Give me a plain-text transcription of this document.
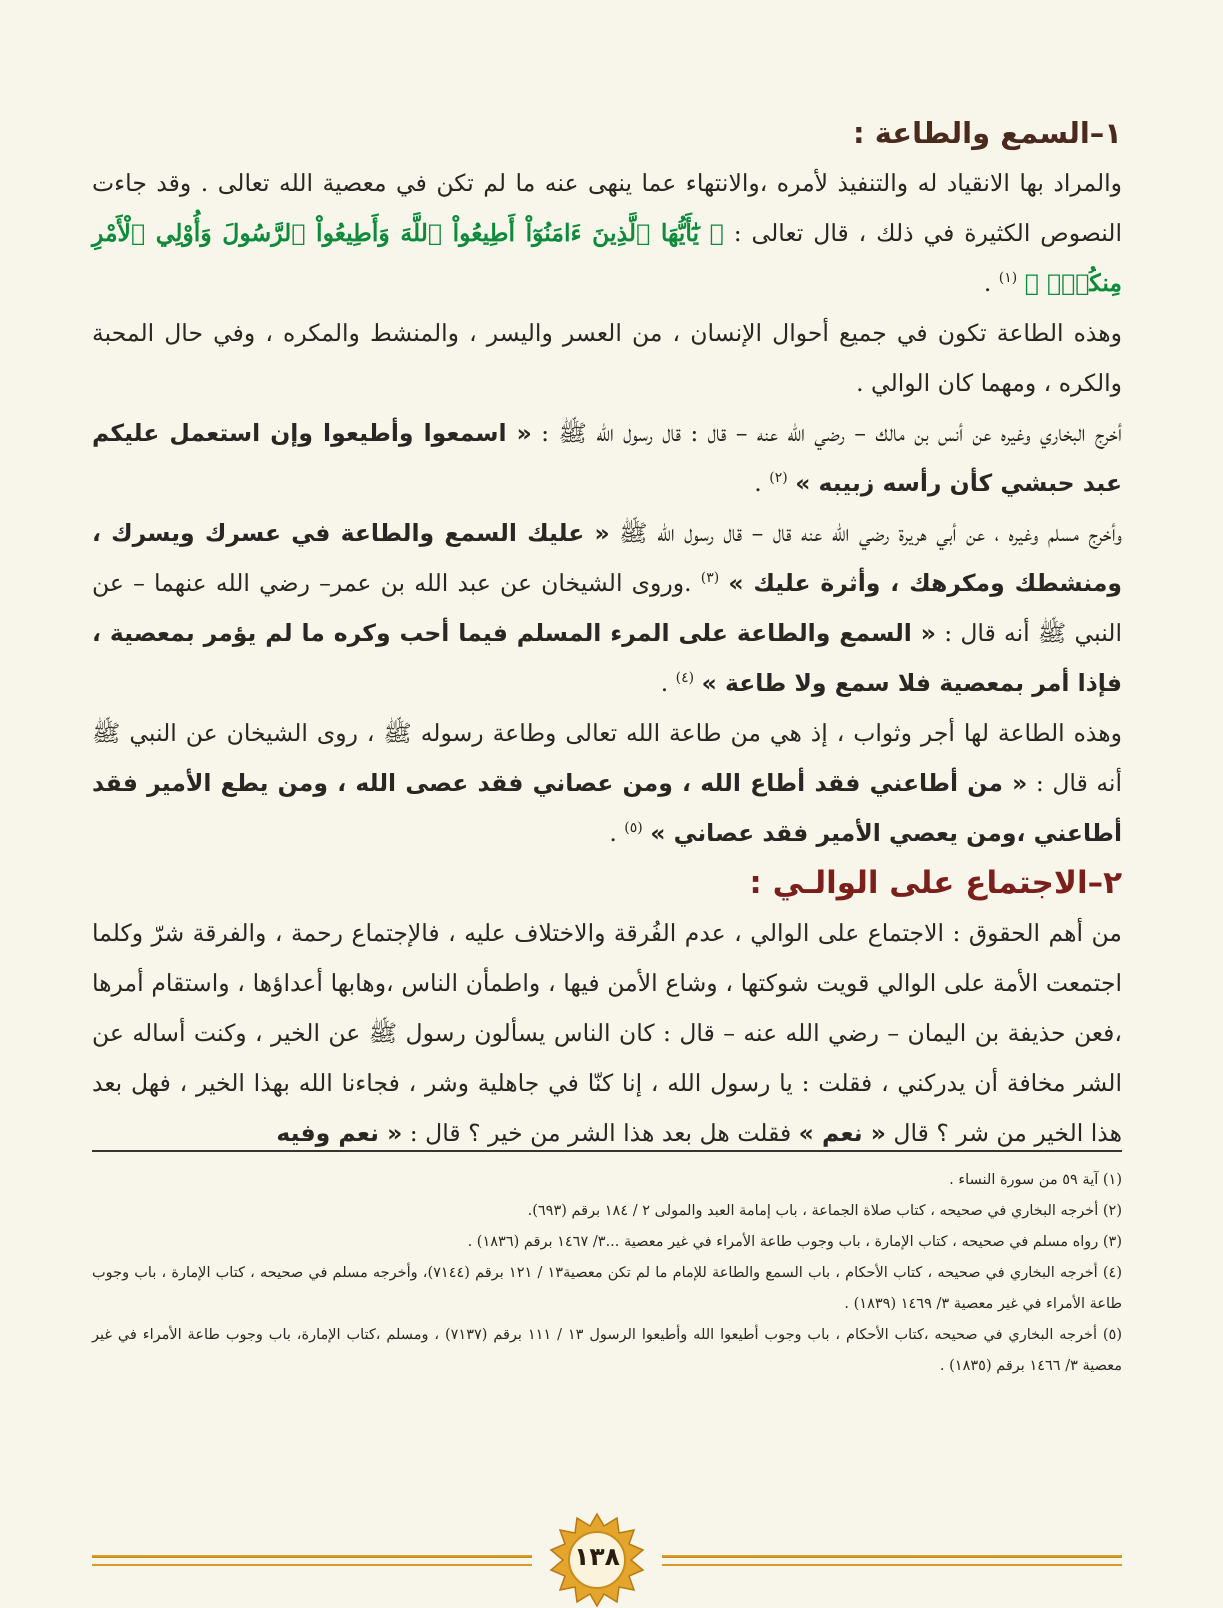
١–السمع والطاعة :

والمراد بها الانقياد له والتنفيذ لأمره ،والانتهاء عما ينهى عنه ما لم تكن في معصية الله تعالى . وقد جاءت النصوص الكثيرة في ذلك ، قال تعالى : ﴿ يَٰٓأَيُّهَا ٱلَّذِينَ ءَامَنُوٓاْ أَطِيعُواْ ٱللَّهَ وَأَطِيعُواْ ٱلرَّسُولَ وَأُوْلِي ٱلْأَمْرِ مِنكُمْۖ ﴾ $^{(١)}$ .

وهذه الطاعة تكون في جميع أحوال الإنسان ، من العسر واليسر ، والمنشط والمكره ، وفي حال المحبة والكره ، ومهما كان الوالي .

أخرج البخاري وغيره عن أنس بن مالك – رضي الله عنه – قال : قال رسول الله ﷺ : « اسمعوا وأطيعوا وإن استعمل عليكم عبد حبشي كأن رأسه زبيبه » $^{(٢)}$ .

وأخرج مسلم وغيره ، عن أبي هريرة رضي الله عنه قال – قال رسول الله ﷺ « عليك السمع والطاعة في عسرك ويسرك ، ومنشطك ومكرهك ، وأثرة عليك » $^{(٣)}$ .وروى الشيخان عن عبد الله بن عمر– رضي الله عنهما – عن النبي ﷺ أنه قال : « السمع والطاعة على المرء المسلم فيما أحب وكره ما لم يؤمر بمعصية ، فإذا أمر بمعصية فلا سمع ولا طاعة » $^{(٤)}$ .

وهذه الطاعة لها أجر وثواب ، إذ هي من طاعة الله تعالى وطاعة رسوله ﷺ ، روى الشيخان عن النبي ﷺ أنه قال : « من أطاعني فقد أطاع الله ، ومن عصاني فقد عصى الله ، ومن يطع الأمير فقد أطاعني ،ومن يعصي الأمير فقد عصاني » $^{(٥)}$ .

٢–الاجتماع على الوالـي :

من أهم الحقوق : الاجتماع على الوالي ، عدم الفُرقة والاختلاف عليه ، فالإجتماع رحمة ، والفرقة شرّ وكلما اجتمعت الأمة على الوالي قويت شوكتها ، وشاع الأمن فيها ، واطمأن الناس ،وهابها أعداؤها ، واستقام أمرها ،فعن حذيفة بن اليمان – رضي الله عنه – قال : كان الناس يسألون رسول ﷺ عن الخير ، وكنت أساله عن الشر مخافة أن يدركني ، فقلت : يا رسول الله ، إنا كنّا في جاهلية وشر ، فجاءنا الله بهذا الخير ، فهل بعد هذا الخير من شر ؟ قال « نعم » فقلت هل بعد هذا الشر من خير ؟ قال : « نعم وفيه

(١) آية ٥٩ من سورة النساء .

(٢) أخرجه البخاري في صحيحه ، كتاب صلاة الجماعة ، باب إمامة العبد والمولى ٢ / ١٨٤ برقم (٦٩٣).

(٣) رواه مسلم في صحيحه ، كتاب الإمارة ، باب وجوب طاعة الأمراء في غير معصية ...٣/ ١٤٦٧ برقم (١٨٣٦) .

(٤) أخرجه البخاري في صحيحه ، كتاب الأحكام ، باب السمع والطاعة للإمام ما لم تكن معصية١٣ / ١٢١ برقم (٧١٤٤)، وأخرجه مسلم في صحيحه ، كتاب الإمارة ، باب وجوب طاعة الأمراء في غير معصية ٣/ ١٤٦٩ (١٨٣٩) .

(٥) أخرجه البخاري في صحيحه ،كتاب الأحكام ، باب وجوب أطيعوا الله وأطيعوا الرسول ١٣ / ١١١ برقم (٧١٣٧) ، ومسلم ،كتاب الإمارة، باب وجوب طاعة الأمراء في غير معصية ٣/ ١٤٦٦ برقم (١٨٣٥) .

١٣٨
